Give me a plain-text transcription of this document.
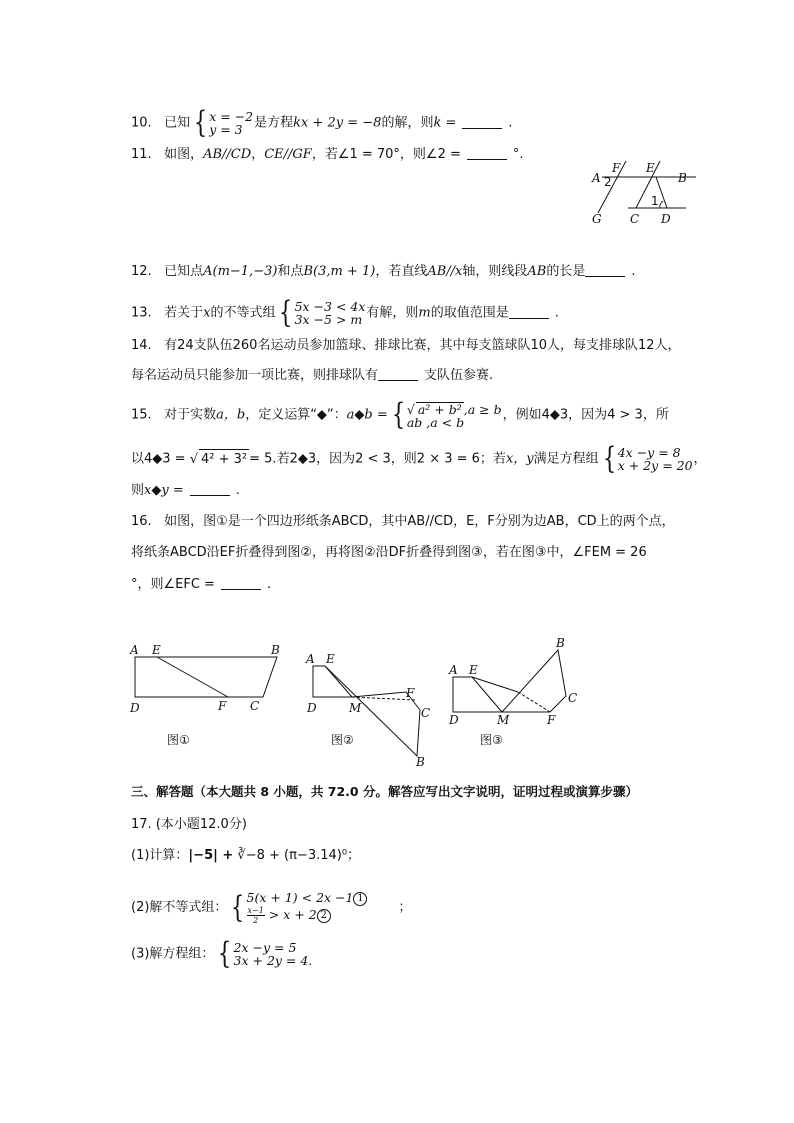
10. 已知 { x = −2
y = 3 是方程kx + 2y = −8的解，则k =	.
11. 如图，AB//CD，CE//GF，若∠1 = 70°，则∠2 =	°.
A
F E
B
2
1
G C D
12. 已知点A(m−1,−3)和点B(3,m + 1)，若直线AB//x轴，则线段AB的长是	.
13. 若关于x的不等式组 { 5x −3 < 4x
3x −5 > m 有解，则m的取值范围是	.
14. 有24支队伍260名运动员参加篮球、排球比赛，其中每支篮球队10人，每支排球队12人，
每名运动员只能参加一项比赛，则排球队有	支队伍参赛.
15. 对于实数a，b，定义运算“◆”：a◆b = { √ a² + b² ,a ≥ b
ab ,a < b	，例如4◆3，因为4 > 3，所
以4◆3 = √ 4² + 3² = 5.若2◆3，因为2 < 3，则2 × 3 = 6；若x，y满足方程组 { 4x −y = 8
x + 2y = 20 ，
则x◆y =	.
16. 如图，图①是一个四边形纸条ABCD，其中AB//CD，E，F分别为边AB，CD上的两个点，
将纸条ABCD沿EF折叠得到图②，再将图②沿DF折叠得到图③，若在图③中，∠FEM = 26
°，则∠EFC =	.
A E	B
D	F C
图①
A E
D	M
F
C
B
图②
A E
B
C
D	M	F
图③
三、解答题（本大题共 8 小题，共 72.0 分。解答应写出文字说明，证明过程或演算步骤）
17. (本小题12.0分)
(1)计算：|−5| + ∛−8 + (π−3.14)⁰；
(2)解不等式组： { 5(x + 1) < 2x −1 1
$\frac{x-1}{2} > x + 2$ 2
；
(3)解方程组： { 2x −y = 5
3x + 2y = 4.
